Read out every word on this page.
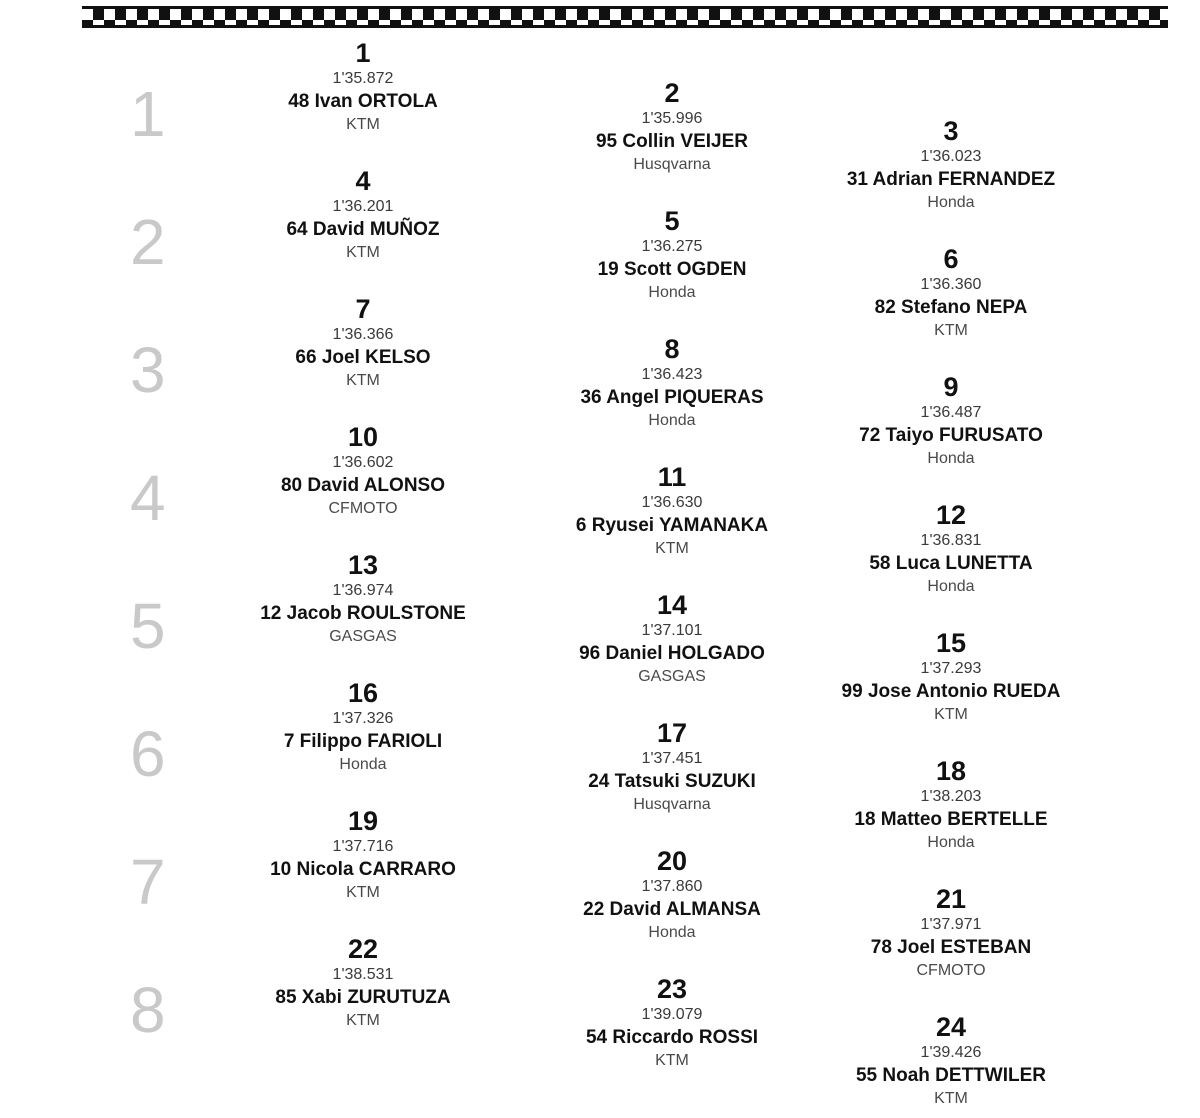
1
1
1'35.872
48 Ivan ORTOLA
KTM
2
1'35.996
95 Collin VEIJER
Husqvarna
3
1'36.023
31 Adrian FERNANDEZ
Honda
2
4
1'36.201
64 David MUÑOZ
KTM
5
1'36.275
19 Scott OGDEN
Honda
6
1'36.360
82 Stefano NEPA
KTM
3
7
1'36.366
66 Joel KELSO
KTM
8
1'36.423
36 Angel PIQUERAS
Honda
9
1'36.487
72 Taiyo FURUSATO
Honda
4
10
1'36.602
80 David ALONSO
CFMOTO
11
1'36.630
6 Ryusei YAMANAKA
KTM
12
1'36.831
58 Luca LUNETTA
Honda
5
13
1'36.974
12 Jacob ROULSTONE
GASGAS
14
1'37.101
96 Daniel HOLGADO
GASGAS
15
1'37.293
99 Jose Antonio RUEDA
KTM
6
16
1'37.326
7 Filippo FARIOLI
Honda
17
1'37.451
24 Tatsuki SUZUKI
Husqvarna
18
1'38.203
18 Matteo BERTELLE
Honda
7
19
1'37.716
10 Nicola CARRARO
KTM
20
1'37.860
22 David ALMANSA
Honda
21
1'37.971
78 Joel ESTEBAN
CFMOTO
8
22
1'38.531
85 Xabi ZURUTUZA
KTM
23
1'39.079
54 Riccardo ROSSI
KTM
24
1'39.426
55 Noah DETTWILER
KTM
